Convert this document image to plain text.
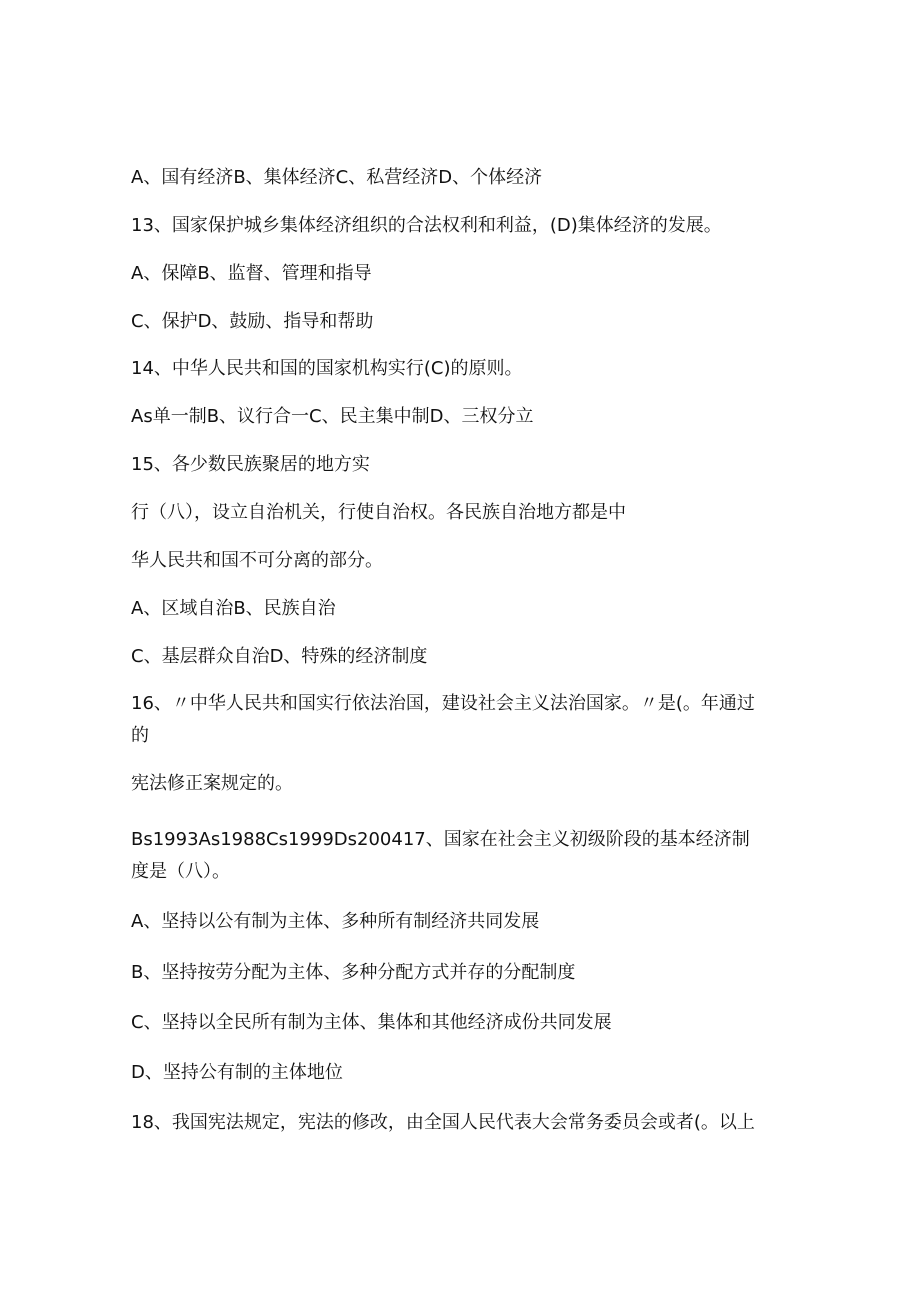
A、国有经济B、集体经济C、私营经济D、个体经济
13、国家保护城乡集体经济组织的合法权利和利益，(D)集体经济的发展。
A、保障B、监督、管理和指导
C、保护D、鼓励、指导和帮助
14、中华人民共和国的国家机构实行(C)的原则。
As单一制B、议行合一C、民主集中制D、三权分立
15、各少数民族聚居的地方实
行（八），设立自治机关，行使自治权。各民族自治地方都是中
华人民共和国不可分离的部分。
A、区域自治B、民族自治
C、基层群众自治D、特殊的经济制度
16、〃中华人民共和国实行依法治国，建设社会主义法治国家。〃是(。年通过
的
宪法修正案规定的。
Bs1993As1988Cs1999Ds200417、国家在社会主义初级阶段的基本经济制
度是（八）。
A、坚持以公有制为主体、多种所有制经济共同发展
B、坚持按劳分配为主体、多种分配方式并存的分配制度
C、坚持以全民所有制为主体、集体和其他经济成份共同发展
D、坚持公有制的主体地位
18、我国宪法规定，宪法的修改，由全国人民代表大会常务委员会或者(。以上
